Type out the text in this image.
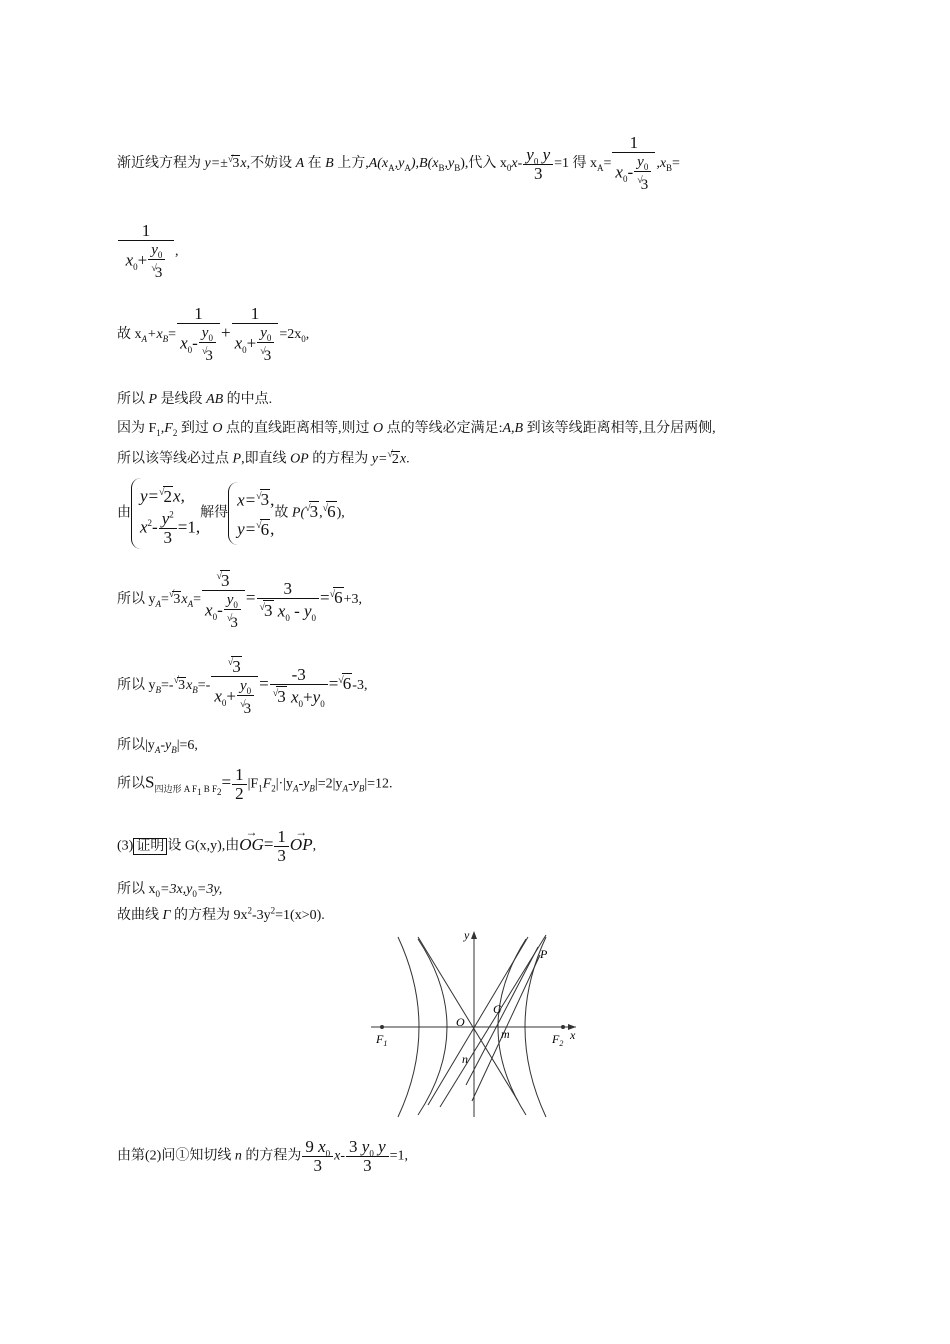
渐近线方程为 y=±√3x,不妨设 A 在 B 上方$,A(x_A,y_A),B(x_B,y_B)$,代入 $x_0x- \frac{y_0 y}{3} =1$ 得 $x_A= \frac{1}{x_0- \frac{y_0}{^√3}} ,x_B=$
$\frac{1}{x_0+ \frac{y_0}{^√3}}$ ,
故 $x_A+x_B= \frac{1}{x_0- \frac{y_0}{^√3}} + \frac{1}{x_0+ \frac{y_0}{^√3}} =2x_0$,
所以 P 是线段 AB 的中点.
因为 $F_1,F_2$ 到过 O 点的直线距离相等,则过 O 点的等线必定满足:A,B 到该等线距离相等,且分居两侧,
所以该等线必过点 P,即直线 OP 的方程为 y=√2x.
由
y=√2x,
$x^2- \frac{y^2}{3} =1$,
解得
x=√3,
y=√6,
故 P(√3,√6),
所以 $y_A=^√3x_A= \frac{^√3}{x_0- \frac{y_0}{^√3}} = \frac{3}{^√3 x_0 - y_0} =^√6+3$,
所以 $y_B=-^√3x_B=- \frac{^√3}{x_0+ \frac{y_0}{^√3}} = \frac{-3}{^√3 x_0+y_0} =^√6-3$,
所以$|y_A-y_B|=6$,
所以$S_{四边形 A F_1 B F_2}= \frac{1}{2} |F_1F_2|\cdot|y_A-y_B|=2|y_A-y_B|=12$.
(3) 证明 设 G(x,y),由→ $OG= \frac{1}{3}$
→ OP,
所以 $x_0=3x,y_0=3y$,
故曲线 Γ 的方程为 $9x^2-3y^2=1(x>0)$.
y
x
P
G
O
m
n
$F_1$	$F_2$
由第(2)问①知切线 n 的方程为 $\frac{9 x_0}{3} x- \frac{3 y_0 y}{3} =1$,
